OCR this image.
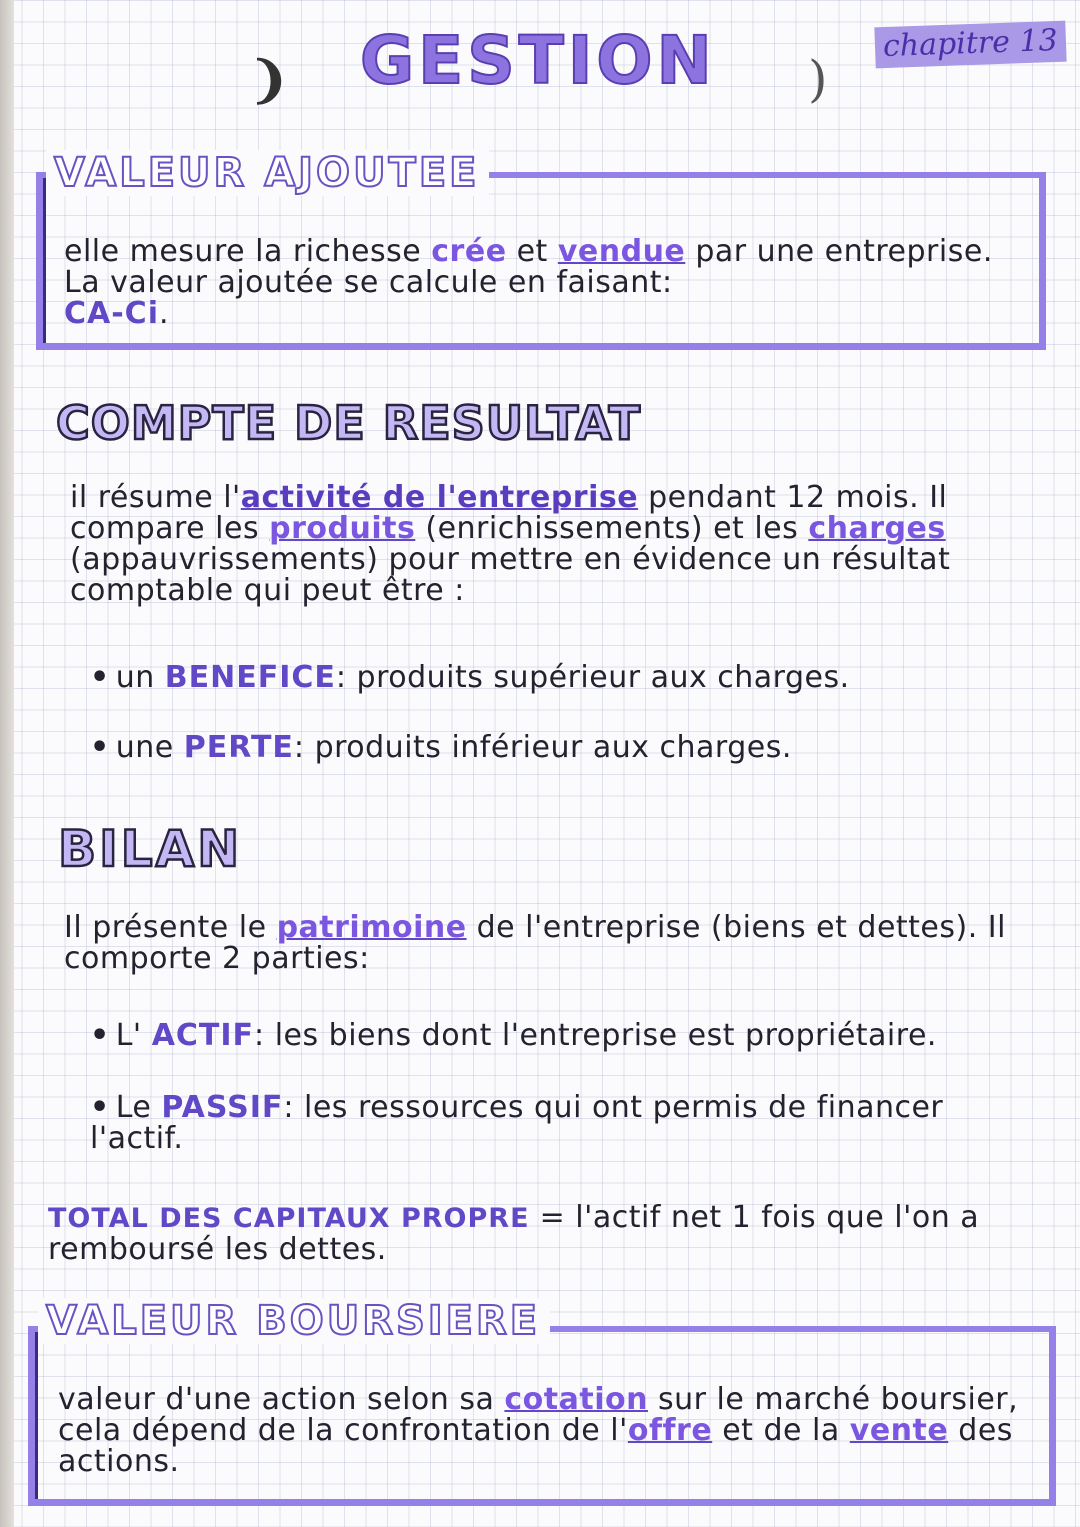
❩ GESTION )
chapitre 13
VALEUR AJOUTEE
elle mesure la richesse crée et vendue par une entreprise. La valeur ajoutée se calcule en faisant:
CA-Ci.
COMPTE DE RESULTAT
il résume l'activité de l'entreprise pendant 12 mois. Il compare les produits (enrichissements) et les charges (appauvrissements) pour mettre en évidence un résultat comptable qui peut être :
• un BENEFICE: produits supérieur aux charges.
• une PERTE: produits inférieur aux charges.
BILAN
Il présente le patrimoine de l'entreprise (biens et dettes). Il comporte 2 parties:
• L' ACTIF: les biens dont l'entreprise est propriétaire.
• Le PASSIF: les ressources qui ont permis de financer l'actif.
TOTAL DES CAPITAUX PROPRE = l'actif net 1 fois que l'on a remboursé les dettes.
VALEUR BOURSIERE
valeur d'une action selon sa cotation sur le marché boursier, cela dépend de la confrontation de l'offre et de la vente des actions.
